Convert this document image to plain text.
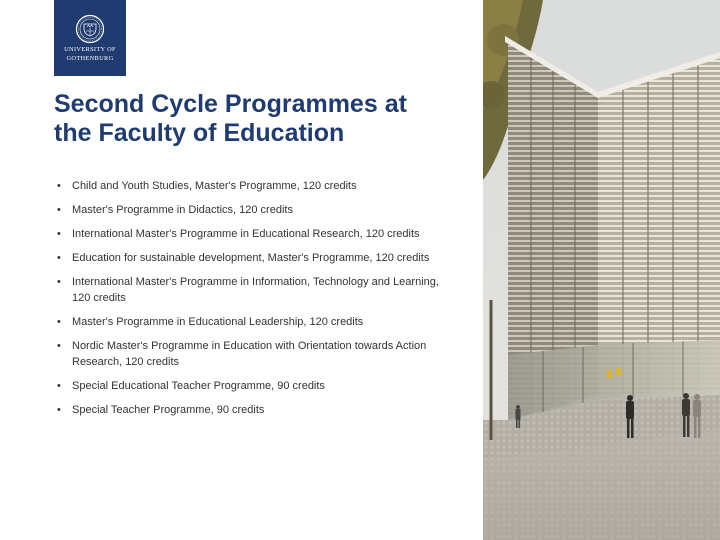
UNIVERSITY OF
GOTHENBURG
Second Cycle Programmes at
the Faculty of Education
• Child and Youth Studies, Master's Programme, 120 credits
• Master's Programme in Didactics, 120 credits
• International Master's Programme in Educational Research, 120 credits
• Education for sustainable development, Master's Programme, 120 credits
• International Master's Programme in Information, Technology and Learning,
120 credits
• Master's Programme in Educational Leadership, 120 credits
• Nordic Master's Programme in Education with Orientation towards Action
Research, 120 credits
• Special Educational Teacher Programme, 90 credits
• Special Teacher Programme, 90 credits
